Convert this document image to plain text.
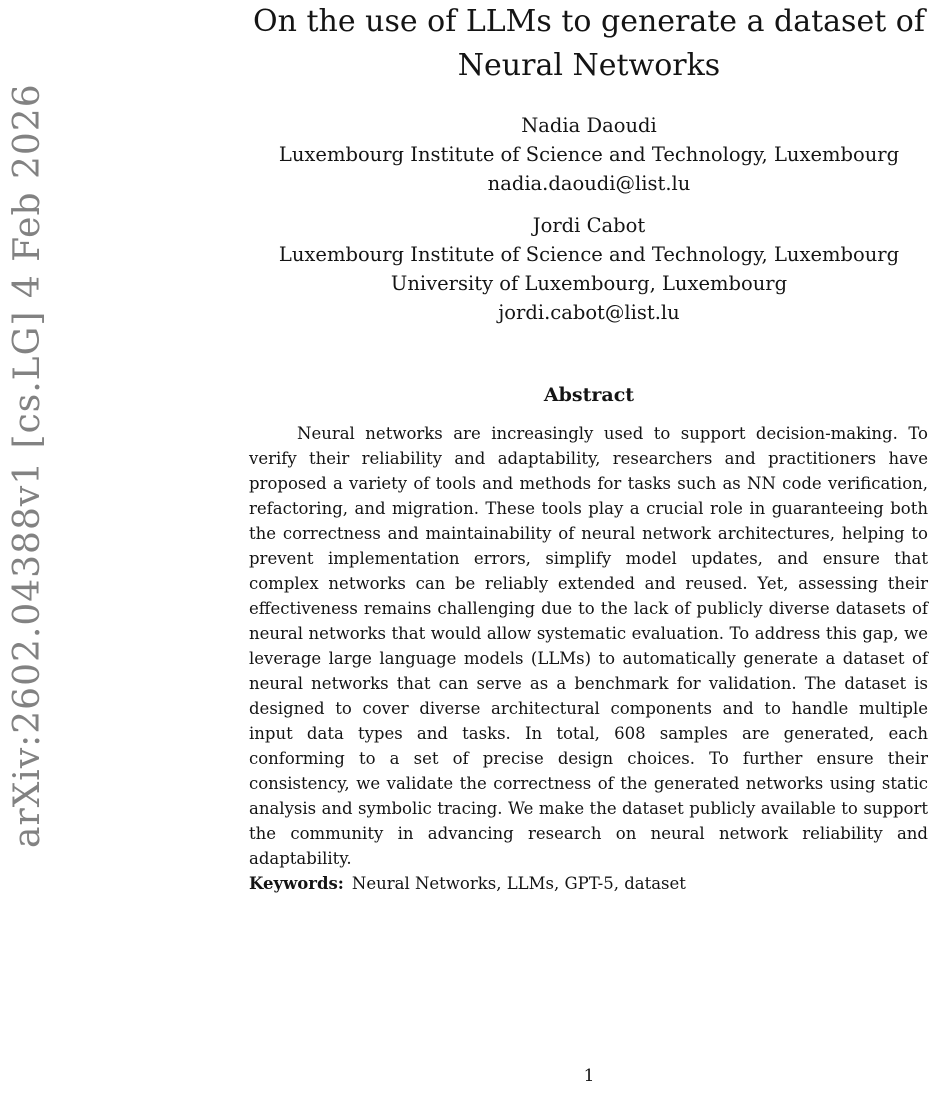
arXiv:2602.04388v1 [cs.LG] 4 Feb 2026
On the use of LLMs to generate a dataset of
Neural Networks
Nadia Daoudi
Luxembourg Institute of Science and Technology, Luxembourg
nadia.daoudi@list.lu
Jordi Cabot
Luxembourg Institute of Science and Technology, Luxembourg
University of Luxembourg, Luxembourg
jordi.cabot@list.lu
Abstract

Neural networks are increasingly used to support decision-making. To verify their reliability and adaptability, researchers and practitioners have proposed a variety of tools and methods for tasks such as NN code verification, refactoring, and migration. These tools play a crucial role in guaranteeing both the correctness and maintainability of neural network architectures, helping to prevent implementation errors, simplify model updates, and ensure that complex networks can be reliably extended and reused. Yet, assessing their effectiveness remains challenging due to the lack of publicly diverse datasets of neural networks that would allow systematic evaluation. To address this gap, we leverage large language models (LLMs) to automatically generate a dataset of neural networks that can serve as a benchmark for validation. The dataset is designed to cover diverse architectural components and to handle multiple input data types and tasks. In total, 608 samples are generated, each conforming to a set of precise design choices. To further ensure their consistency, we validate the correctness of the generated networks using static analysis and symbolic tracing. We make the dataset publicly available to support the community in advancing research on neural network reliability and adaptability.

Keywords: Neural Networks, LLMs, GPT-5, dataset
1
